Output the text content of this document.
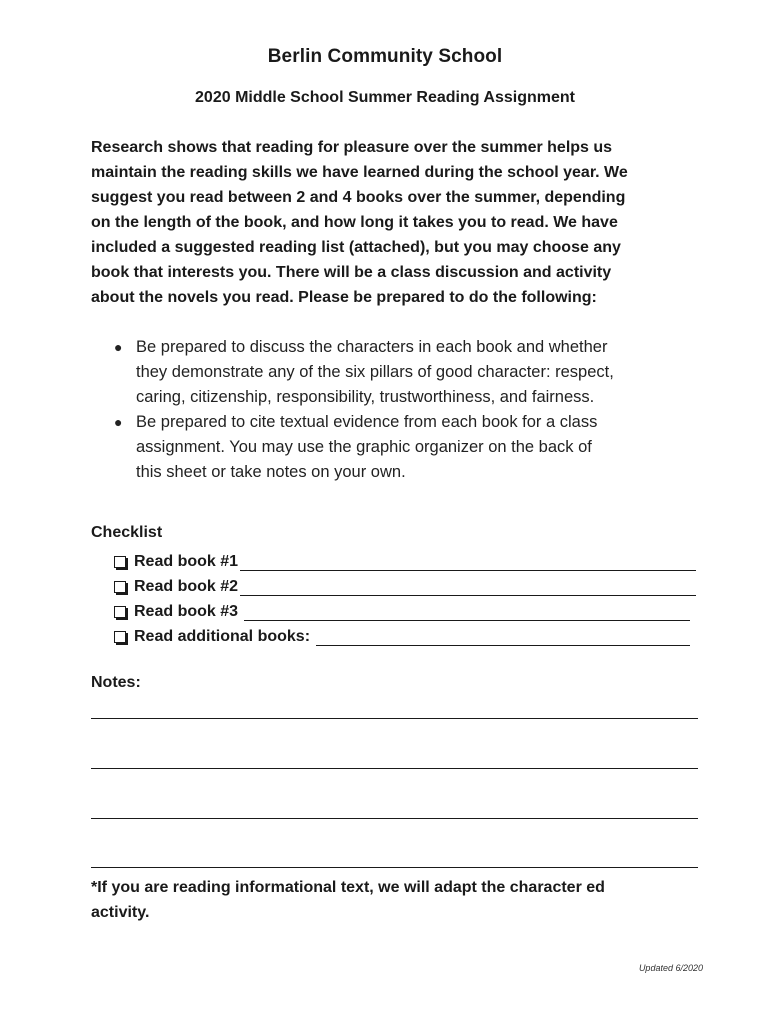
Berlin Community School
2020 Middle School Summer Reading Assignment
Research shows that reading for pleasure over the summer helps us
maintain the reading skills we have learned during the school year. We
suggest you read between 2 and 4 books over the summer, depending
on the length of the book, and how long it takes you to read. We have
included a suggested reading list (attached), but you may choose any
book that interests you. There will be a class discussion and activity
about the novels you read. Please be prepared to do the following:
● Be prepared to discuss the characters in each book and whether
they demonstrate any of the six pillars of good character: respect,
caring, citizenship, responsibility, trustworthiness, and fairness.
● Be prepared to cite textual evidence from each book for a class
assignment. You may use the graphic organizer on the back of
this sheet or take notes on your own.
Checklist
Read book #1
Read book #2
Read book #3
Read additional books:
Notes:
*If you are reading informational text, we will adapt the character ed
activity.
Updated 6/2020
